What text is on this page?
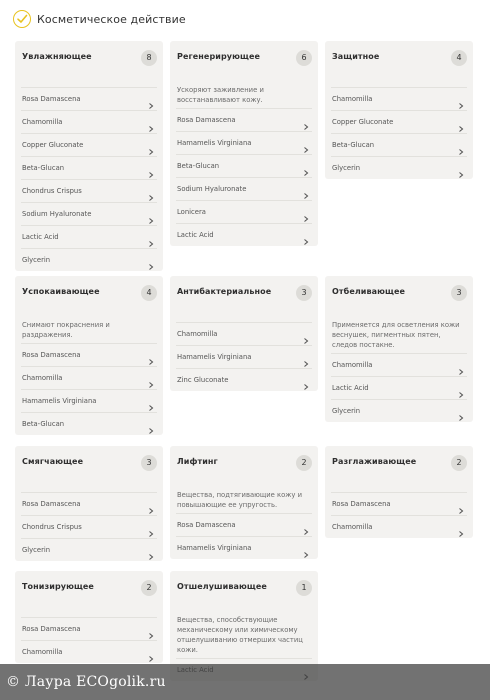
Косметическое действие
Увлажняющее	8
Rosa Damascena
Chamomilla
Copper Gluconate
Beta-Glucan
Chondrus Crispus
Sodium Hyaluronate
Lactic Acid
Glycerin
Регенерирующее	6
Ускоряют заживление и восстанавливают кожу.
Rosa Damascena
Hamamelis Virginiana
Beta-Glucan
Sodium Hyaluronate
Lonicera
Lactic Acid
Защитное	4
Chamomilla
Copper Gluconate
Beta-Glucan
Glycerin
Успокаивающее	4
Снимают покраснения и раздражения.
Rosa Damascena
Chamomilla
Hamamelis Virginiana
Beta-Glucan
Антибактериальное	3
Chamomilla
Hamamelis Virginiana
Zinc Gluconate
Отбеливающее	3
Применяется для осветления кожи веснушек, пигментных пятен, следов постакне.
Chamomilla
Lactic Acid
Glycerin
Смягчающее	3
Rosa Damascena
Chondrus Crispus
Glycerin
Лифтинг	2
Вещества, подтягивающие кожу и повышающие ее упругость.
Rosa Damascena
Hamamelis Virginiana
Разглаживающее	2
Rosa Damascena
Chamomilla
Тонизирующее	2
Rosa Damascena
Chamomilla
Отшелушивающее	1
Вещества, способствующие механическому или химическому отшелушиванию отмерших частиц кожи.
© Лаура ECOgolik.ru
